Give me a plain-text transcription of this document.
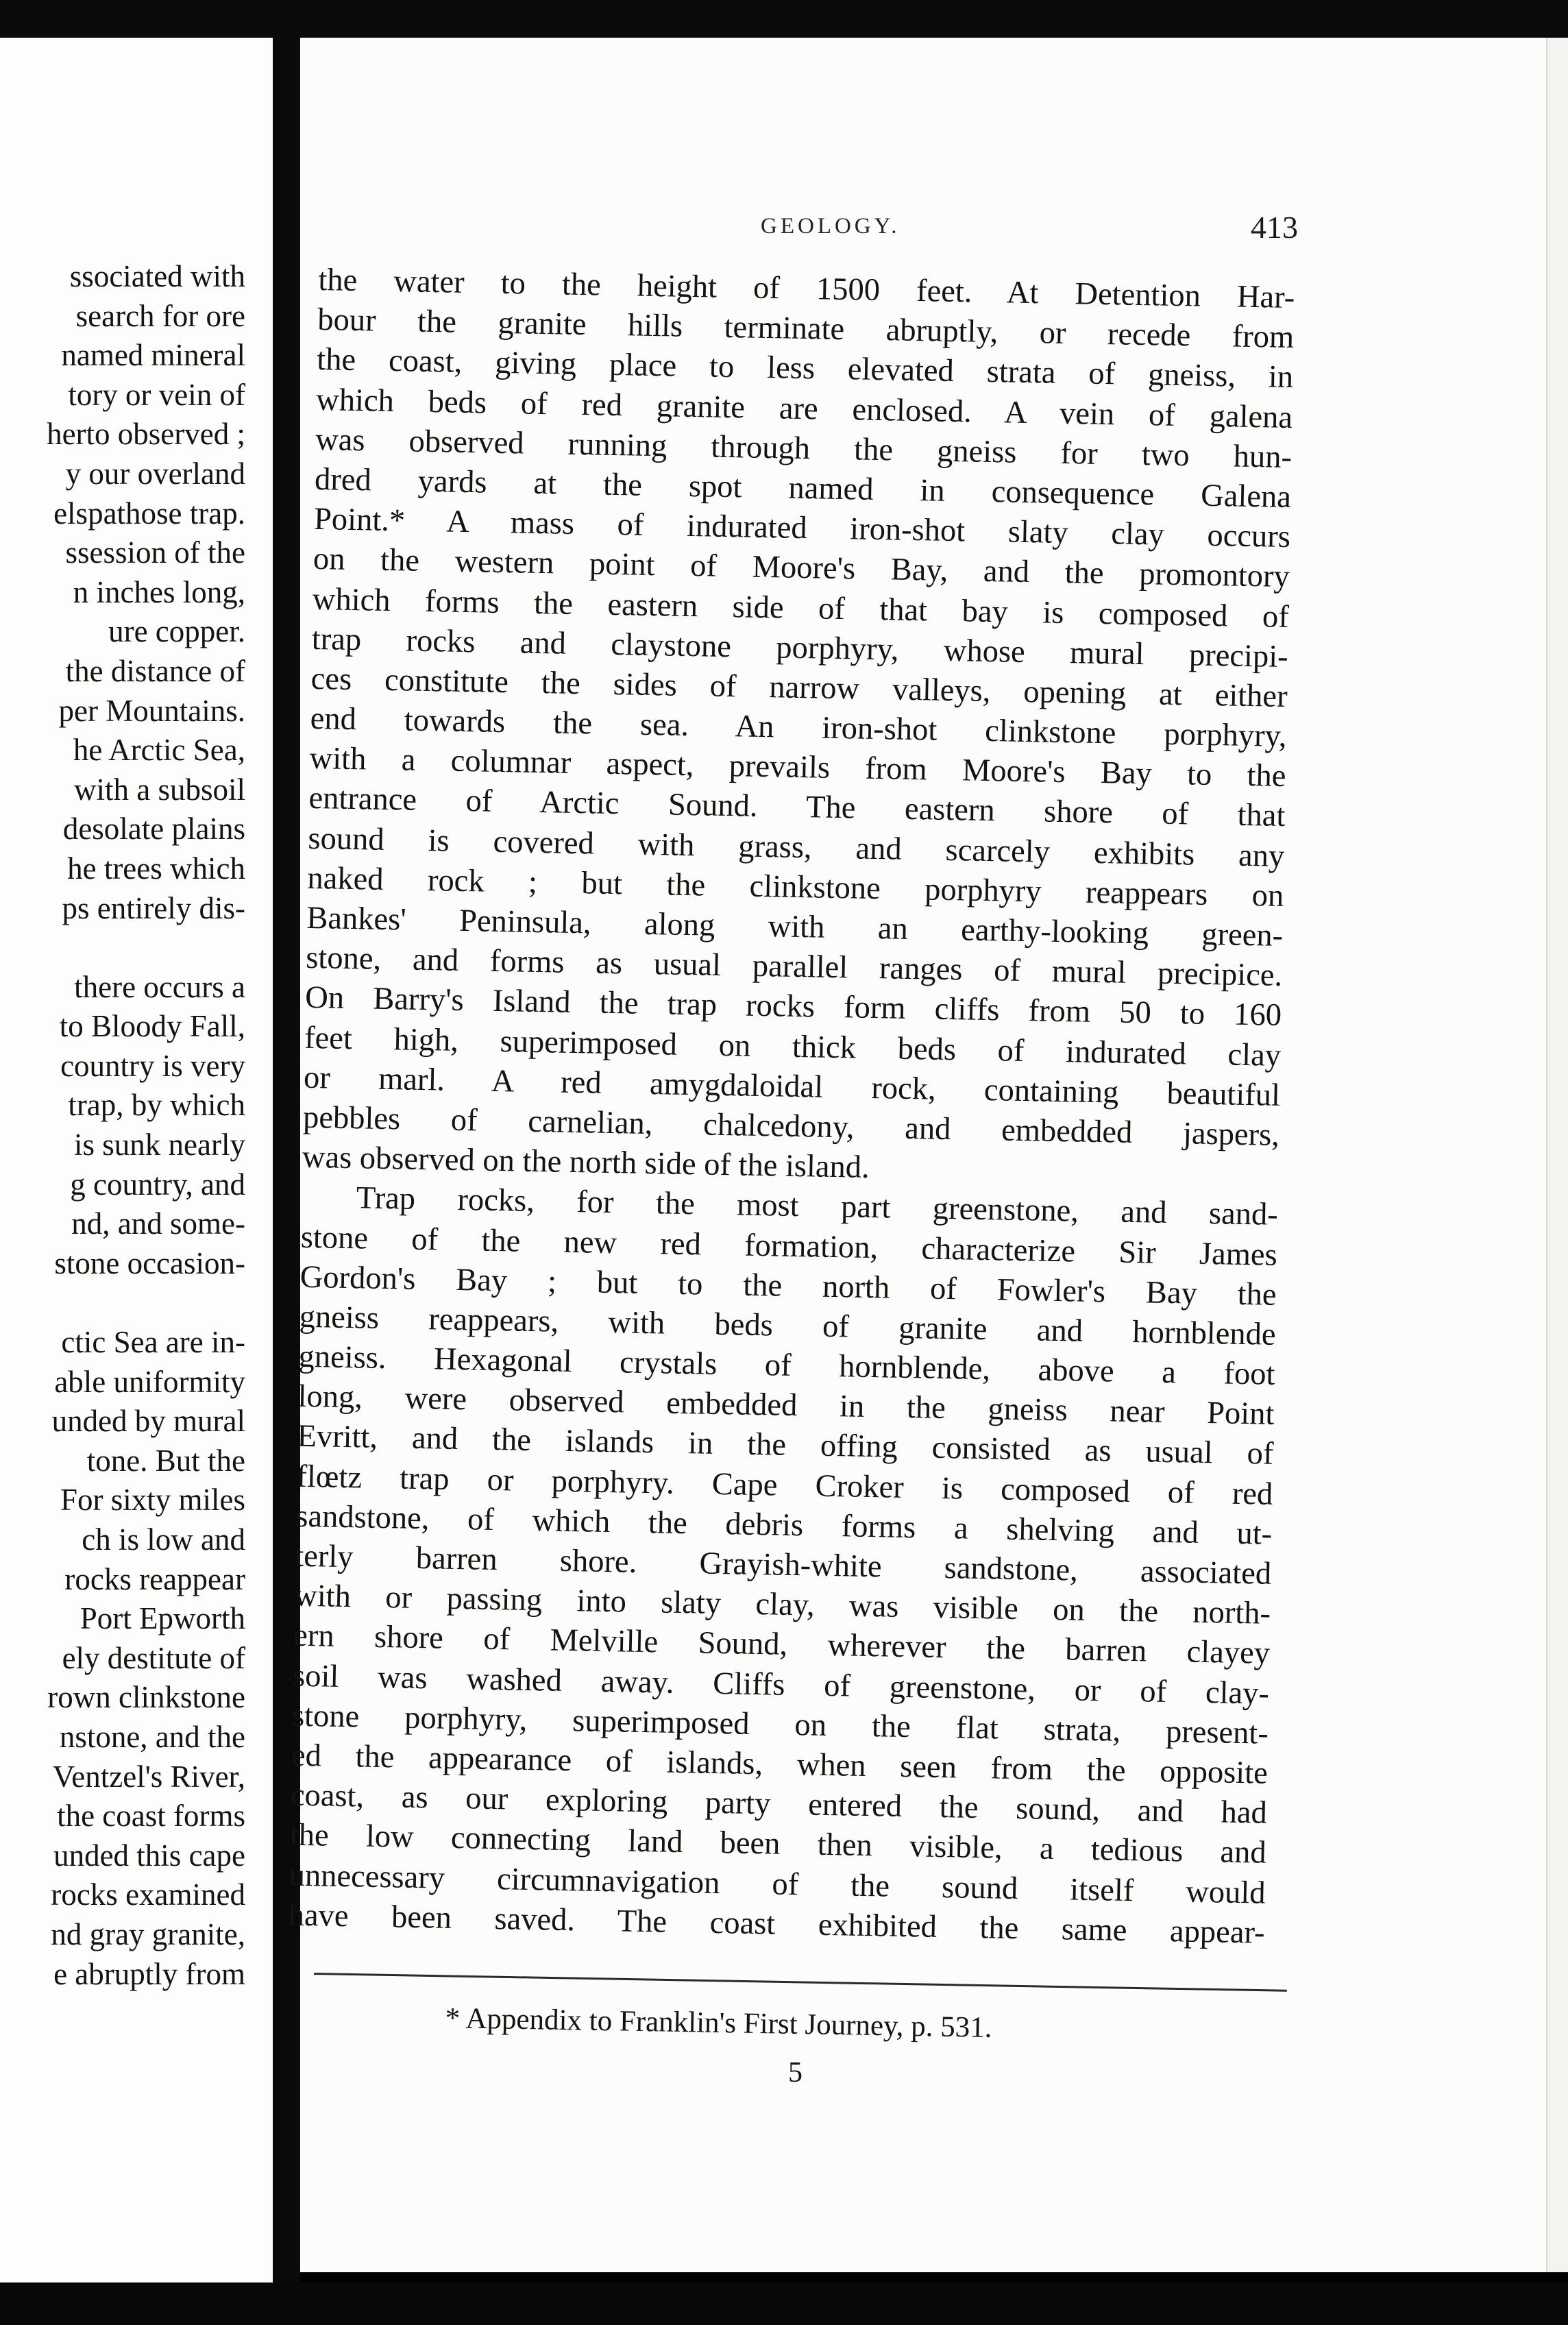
ssociated with
search for ore
named mineral
tory or vein of
herto observed ;
y our overland
elspathose trap.
ssession of the
n inches long,
ure copper.
the distance of
per Mountains.
he Arctic Sea,
with a subsoil
desolate plains
he trees which
ps entirely dis-
there occurs a
to Bloody Fall,
country is very
trap, by which
is sunk nearly
g country, and
nd, and some-
stone occasion-
ctic Sea are in-
able uniformity
unded by mural
tone. But the
For sixty miles
ch is low and
rocks reappear
Port Epworth
ely destitute of
rown clinkstone
nstone, and the
Ventzel's River,
the coast forms
unded this cape
rocks examined
nd gray granite,
e abruptly from
GEOLOGY.	413
the water to the height of 1500 feet. At Detention Har-
bour the granite hills terminate abruptly, or recede from
the coast, giving place to less elevated strata of gneiss, in
which beds of red granite are enclosed. A vein of galena
was observed running through the gneiss for two hun-
dred yards at the spot named in consequence Galena
Point.* A mass of indurated iron-shot slaty clay occurs
on the western point of Moore's Bay, and the promontory
which forms the eastern side of that bay is composed of
trap rocks and claystone porphyry, whose mural precipi-
ces constitute the sides of narrow valleys, opening at either
end towards the sea. An iron-shot clinkstone porphyry,
with a columnar aspect, prevails from Moore's Bay to the
entrance of Arctic Sound. The eastern shore of that
sound is covered with grass, and scarcely exhibits any
naked rock ; but the clinkstone porphyry reappears on
Bankes' Peninsula, along with an earthy-looking green-
stone, and forms as usual parallel ranges of mural precipice.
On Barry's Island the trap rocks form cliffs from 50 to 160
feet high, superimposed on thick beds of indurated clay
or marl. A red amygdaloidal rock, containing beautiful
pebbles of carnelian, chalcedony, and embedded jaspers,
was observed on the north side of the island.
Trap rocks, for the most part greenstone, and sand-
stone of the new red formation, characterize Sir James
Gordon's Bay ; but to the north of Fowler's Bay the
gneiss reappears, with beds of granite and hornblende
gneiss. Hexagonal crystals of hornblende, above a foot
long, were observed embedded in the gneiss near Point
Evritt, and the islands in the offing consisted as usual of
flœtz trap or porphyry. Cape Croker is composed of red
sandstone, of which the debris forms a shelving and ut-
terly barren shore. Grayish-white sandstone, associated
with or passing into slaty clay, was visible on the north-
ern shore of Melville Sound, wherever the barren clayey
soil was washed away. Cliffs of greenstone, or of clay-
stone porphyry, superimposed on the flat strata, present-
ed the appearance of islands, when seen from the opposite
coast, as our exploring party entered the sound, and had
the low connecting land been then visible, a tedious and
unnecessary circumnavigation of the sound itself would
have been saved. The coast exhibited the same appear-
* Appendix to Franklin's First Journey, p. 531.
5
